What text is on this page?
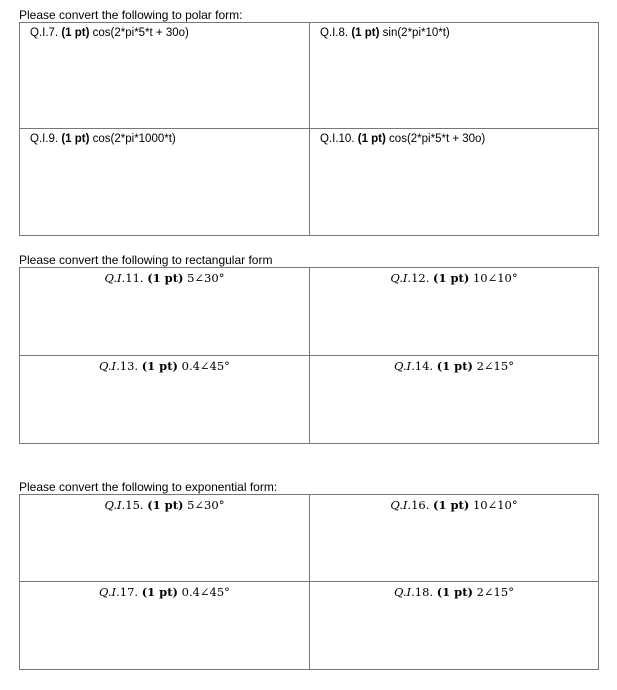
Please convert the following to polar form:
Q.I.7. (1 pt) cos(2*pi*5*t + 30o)	Q.I.8. (1 pt) sin(2*pi*10*t)
Q.I.9. (1 pt) cos(2*pi*1000*t)	Q.I.10. (1 pt) cos(2*pi*5*t + 30o)
Please convert the following to rectangular form
Q.I.11. (1 pt) 5∠30°	Q.I.12. (1 pt) 10∠10°
Q.I.13. (1 pt) 0.4∠45°	Q.I.14. (1 pt) 2∠15°
Please convert the following to exponential form:
Q.I.15. (1 pt) 5∠30°	Q.I.16. (1 pt) 10∠10°
Q.I.17. (1 pt) 0.4∠45°	Q.I.18. (1 pt) 2∠15°
